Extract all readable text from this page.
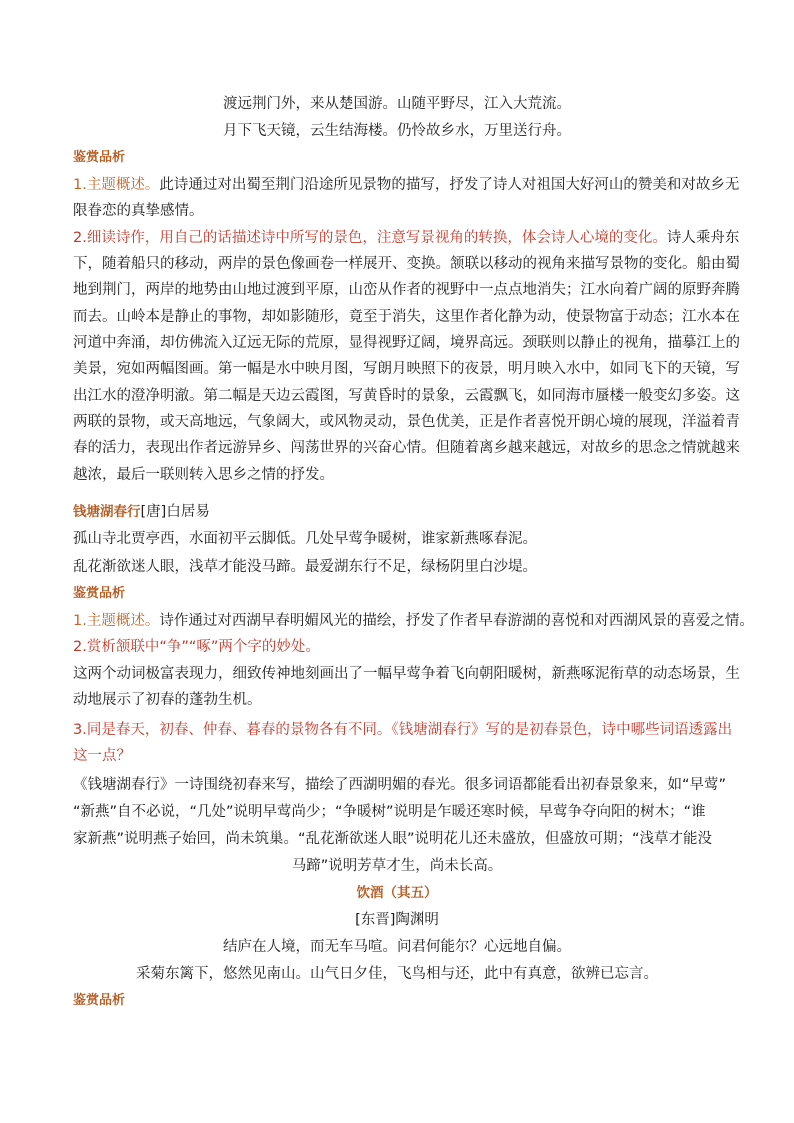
渡远荆门外，来从楚国游。山随平野尽，江入大荒流。
月下飞天镜，云生结海楼。仍怜故乡水，万里送行舟。
鉴赏品析
1.主题概述。此诗通过对出蜀至荆门沿途所见景物的描写，抒发了诗人对祖国大好河山的赞美和对故乡无
限眷恋的真挚感情。
2.细读诗作，用自己的话描述诗中所写的景色，注意写景视角的转换，体会诗人心境的变化。诗人乘舟东
下，随着船只的移动，两岸的景色像画卷一样展开、变换。颔联以移动的视角来描写景物的变化。船由蜀
地到荆门，两岸的地势由山地过渡到平原，山峦从作者的视野中一点点地消失；江水向着广阔的原野奔腾
而去。山岭本是静止的事物，却如影随形，竟至于消失，这里作者化静为动，使景物富于动态；江水本在
河道中奔涌，却仿佛流入辽远无际的荒原，显得视野辽阔，境界高远。颈联则以静止的视角，描摹江上的
美景，宛如两幅图画。第一幅是水中映月图，写朗月映照下的夜景，明月映入水中，如同飞下的天镜，写
出江水的澄净明澈。第二幅是天边云霞图，写黄昏时的景象，云霞飘飞，如同海市蜃楼一般变幻多姿。这
两联的景物，或天高地远，气象阔大，或风物灵动，景色优美，正是作者喜悦开朗心境的展现，洋溢着青
春的活力，表现出作者远游异乡、闯荡世界的兴奋心情。但随着离乡越来越远，对故乡的思念之情就越来
越浓，最后一联则转入思乡之情的抒发。
钱塘湖春行[唐]白居易
孤山寺北贾亭西，水面初平云脚低。几处早莺争暖树，谁家新燕啄春泥。
乱花渐欲迷人眼，浅草才能没马蹄。最爱湖东行不足，绿杨阴里白沙堤。
鉴赏品析
1.主题概述。诗作通过对西湖早春明媚风光的描绘，抒发了作者早春游湖的喜悦和对西湖风景的喜爱之情。
2.赏析颔联中“争”“啄”两个字的妙处。
这两个动词极富表现力，细致传神地刻画出了一幅早莺争着飞向朝阳暖树，新燕啄泥衔草的动态场景，生
动地展示了初春的蓬勃生机。
3.同是春天，初春、仲春、暮春的景物各有不同。《钱塘湖春行》写的是初春景色，诗中哪些词语透露出
这一点？
《钱塘湖春行》一诗围绕初春来写，描绘了西湖明媚的春光。很多词语都能看出初春景象来，如“早莺”
“新燕”自不必说，“几处”说明早莺尚少；“争暖树”说明是乍暖还寒时候，早莺争夺向阳的树木；“谁
家新燕”说明燕子始回，尚未筑巢。“乱花渐欲迷人眼”说明花儿还未盛放，但盛放可期；“浅草才能没
马蹄”说明芳草才生，尚未长高。
饮酒（其五）
[东晋]陶渊明
结庐在人境，而无车马喧。问君何能尔？心远地自偏。
采菊东篱下，悠然见南山。山气日夕佳，飞鸟相与还，此中有真意，欲辨已忘言。
鉴赏品析
